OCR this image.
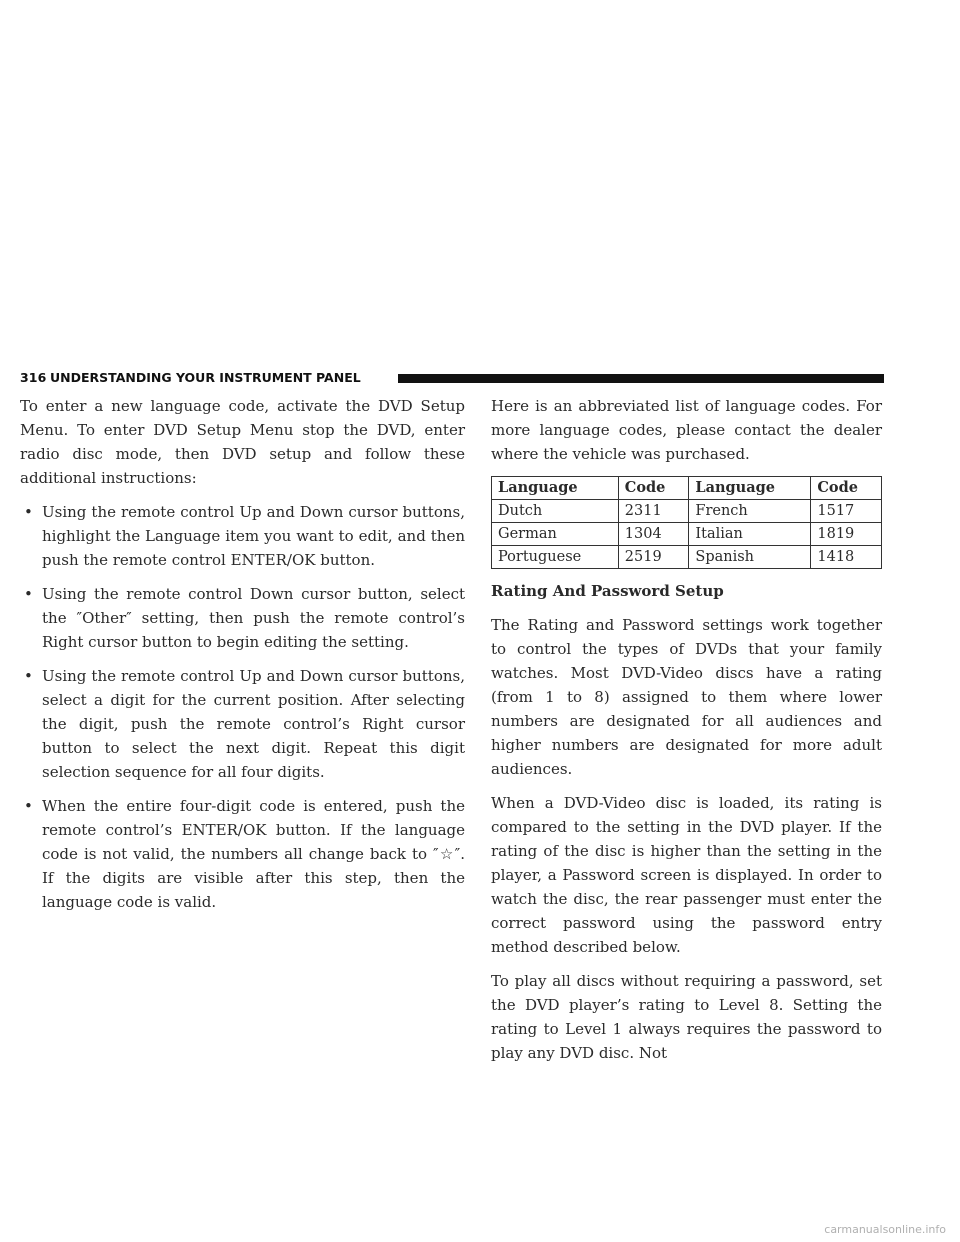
316 UNDERSTANDING YOUR INSTRUMENT PANEL

To enter a new language code, activate the DVD Setup Menu. To enter DVD Setup Menu stop the DVD, enter radio disc mode, then DVD setup and follow these additional instructions:

• Using the remote control Up and Down cursor buttons, highlight the Language item you want to edit, and then push the remote control ENTER/OK button.
• Using the remote control Down cursor button, select the ″Other″ setting, then push the remote control’s Right cursor button to begin editing the setting.
• Using the remote control Up and Down cursor buttons, select a digit for the current position. After selecting the digit, push the remote control’s Right cursor button to select the next digit. Repeat this digit selection sequence for all four digits.
• When the entire four-digit code is entered, push the remote control’s ENTER/OK button. If the language code is not valid, the numbers all change back to ″☆″. If the digits are visible after this step, then the language code is valid.

Here is an abbreviated list of language codes. For more language codes, please contact the dealer where the vehicle was purchased.

Language	Code	Language	Code
Dutch	2311	French	1517
German	1304	Italian	1819
Portuguese	2519	Spanish	1418

Rating And Password Setup

The Rating and Password settings work together to control the types of DVDs that your family watches. Most DVD-Video discs have a rating (from 1 to 8) assigned to them where lower numbers are designated for all audiences and higher numbers are designated for more adult audiences.

When a DVD-Video disc is loaded, its rating is compared to the setting in the DVD player. If the rating of the disc is higher than the setting in the player, a Password screen is displayed. In order to watch the disc, the rear passenger must enter the correct password using the password entry method described below.

To play all discs without requiring a password, set the DVD player’s rating to Level 8. Setting the rating to Level 1 always requires the password to play any DVD disc. Not

carmanualsonline.info
